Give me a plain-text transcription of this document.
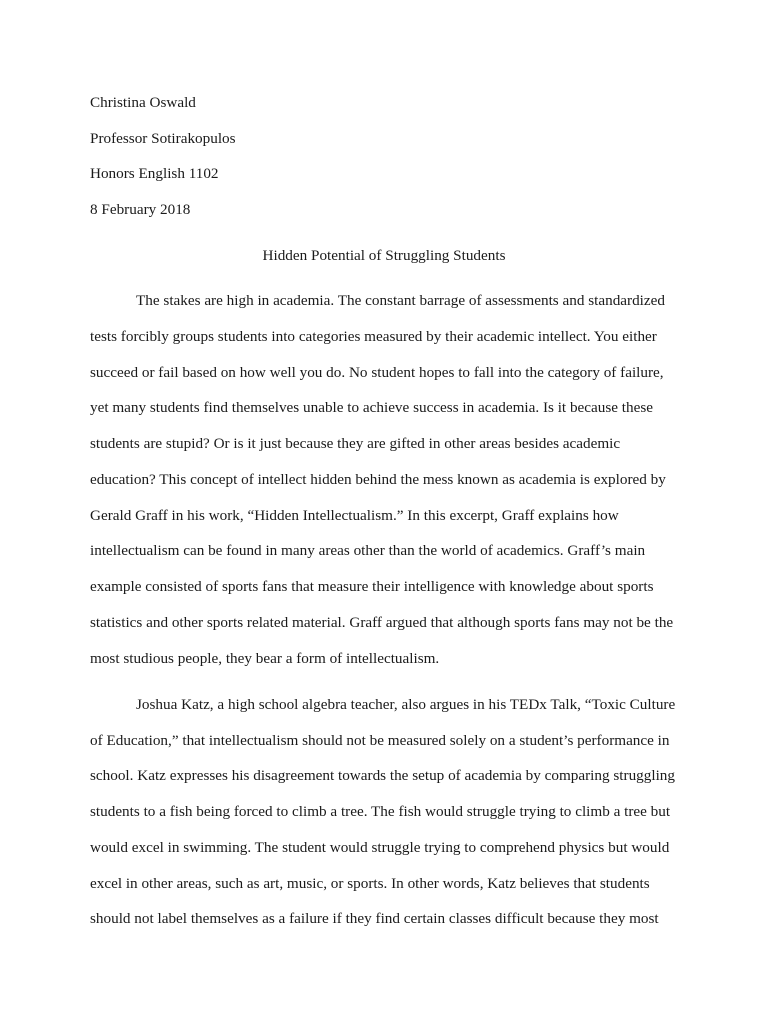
Christina Oswald

Professor Sotirakopulos

Honors English 1102

8 February 2018

Hidden Potential of Struggling Students

The stakes are high in academia. The constant barrage of assessments and standardized

tests forcibly groups students into categories measured by their academic intellect. You either

succeed or fail based on how well you do. No student hopes to fall into the category of failure,

yet many students find themselves unable to achieve success in academia. Is it because these

students are stupid? Or is it just because they are gifted in other areas besides academic

education? This concept of intellect hidden behind the mess known as academia is explored by

Gerald Graff in his work, “Hidden Intellectualism.” In this excerpt, Graff explains how

intellectualism can be found in many areas other than the world of academics. Graff’s main

example consisted of sports fans that measure their intelligence with knowledge about sports

statistics and other sports related material. Graff argued that although sports fans may not be the

most studious people, they bear a form of intellectualism.

Joshua Katz, a high school algebra teacher, also argues in his TEDx Talk, “Toxic Culture

of Education,” that intellectualism should not be measured solely on a student’s performance in

school. Katz expresses his disagreement towards the setup of academia by comparing struggling

students to a fish being forced to climb a tree. The fish would struggle trying to climb a tree but

would excel in swimming. The student would struggle trying to comprehend physics but would

excel in other areas, such as art, music, or sports. In other words, Katz believes that students

should not label themselves as a failure if they find certain classes difficult because they most
